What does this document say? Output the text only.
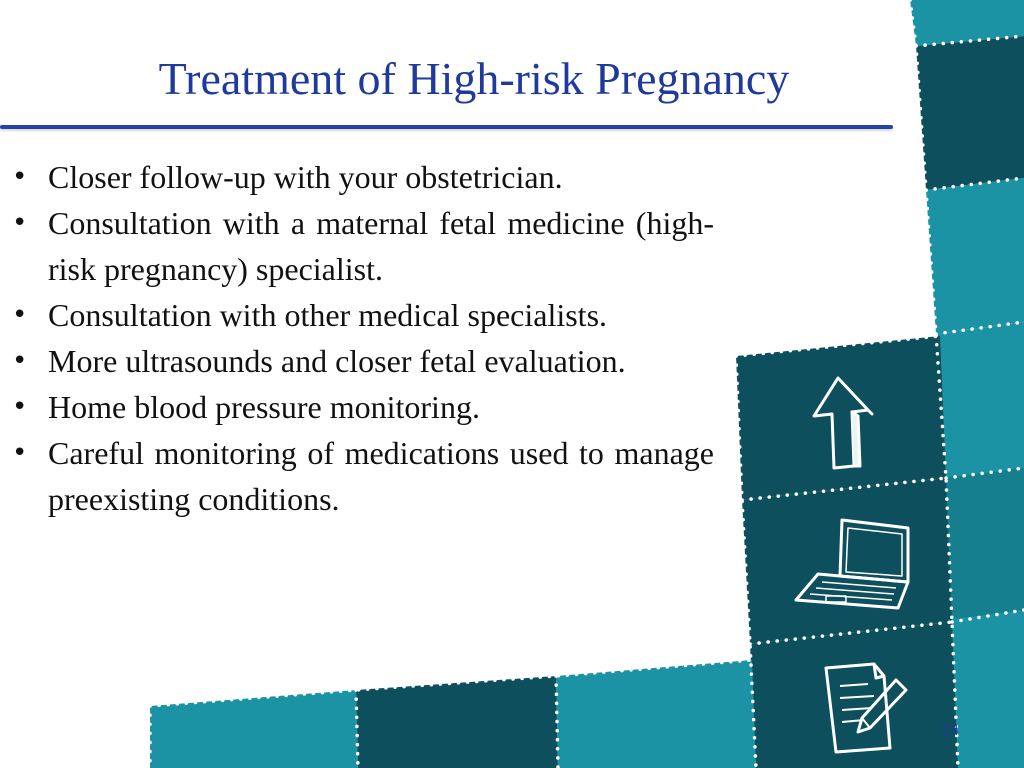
Treatment of High-risk Pregnancy
• Closer follow-up with your obstetrician.
• Consultation with a maternal fetal medicine (high-risk pregnancy) specialist.
• Consultation with other medical specialists.
• More ultrasounds and closer fetal evaluation.
• Home blood pressure monitoring.
• Careful monitoring of medications used to manage preexisting conditions.
14
